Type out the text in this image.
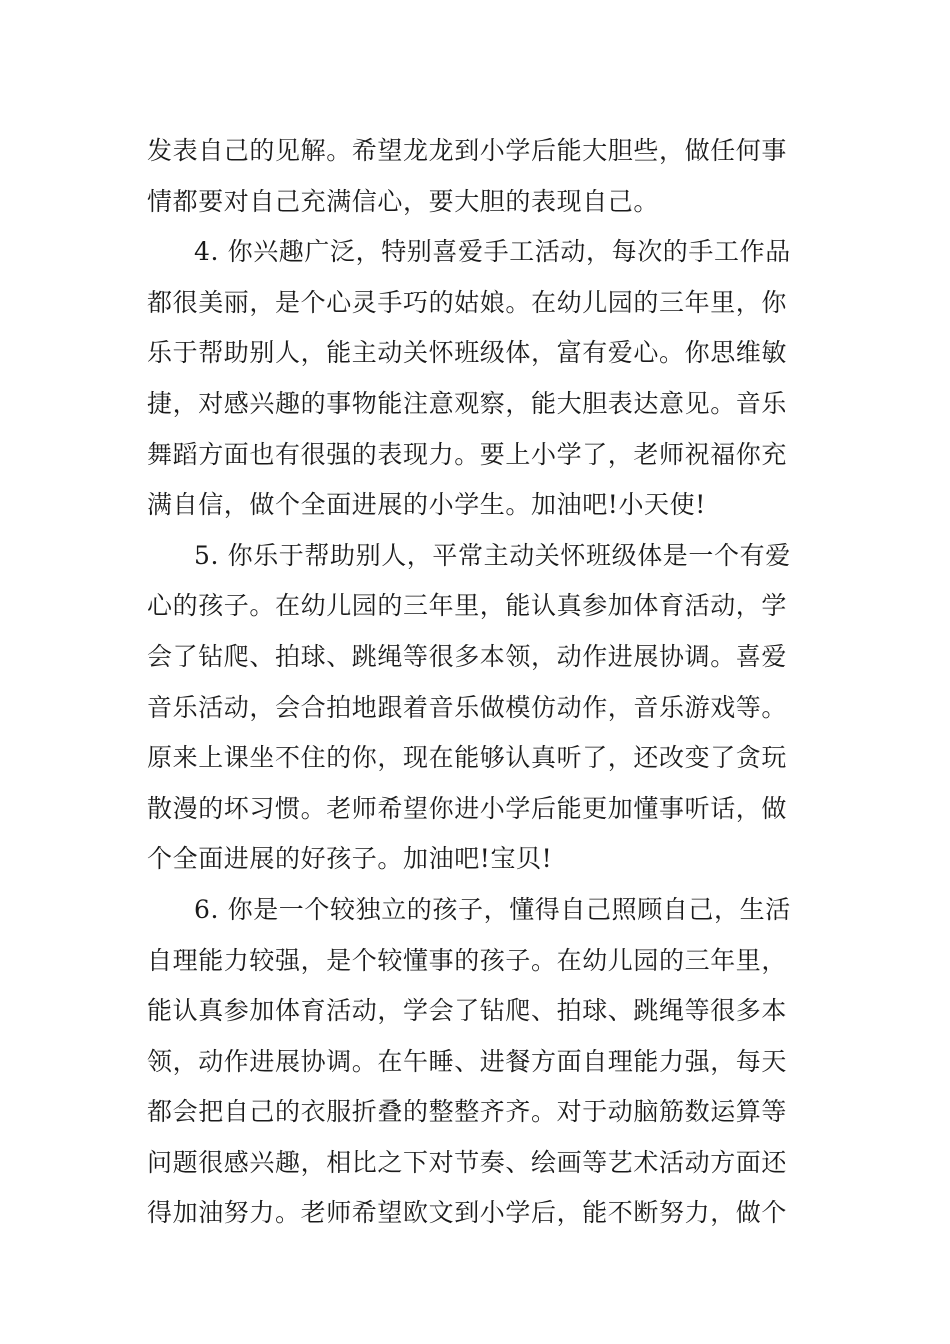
发表自己的见解。希望龙龙到小学后能大胆些，做任何事
情都要对自己充满信心，要大胆的表现自己。
4. 你兴趣广泛，特别喜爱手工活动，每次的手工作品
都很美丽，是个心灵手巧的姑娘。在幼儿园的三年里，你
乐于帮助别人，能主动关怀班级体，富有爱心。你思维敏
捷，对感兴趣的事物能注意观察，能大胆表达意见。音乐
舞蹈方面也有很强的表现力。要上小学了，老师祝福你充
满自信，做个全面进展的小学生。加油吧!小天使!
5. 你乐于帮助别人，平常主动关怀班级体是一个有爱
心的孩子。在幼儿园的三年里，能认真参加体育活动，学
会了钻爬、拍球、跳绳等很多本领，动作进展协调。喜爱
音乐活动，会合拍地跟着音乐做模仿动作，音乐游戏等。
原来上课坐不住的你，现在能够认真听了，还改变了贪玩
散漫的坏习惯。老师希望你进小学后能更加懂事听话，做
个全面进展的好孩子。加油吧!宝贝!
6. 你是一个较独立的孩子，懂得自己照顾自己，生活
自理能力较强，是个较懂事的孩子。在幼儿园的三年里，
能认真参加体育活动，学会了钻爬、拍球、跳绳等很多本
领，动作进展协调。在午睡、进餐方面自理能力强，每天
都会把自己的衣服折叠的整整齐齐。对于动脑筋数运算等
问题很感兴趣，相比之下对节奏、绘画等艺术活动方面还
得加油努力。老师希望欧文到小学后，能不断努力，做个
